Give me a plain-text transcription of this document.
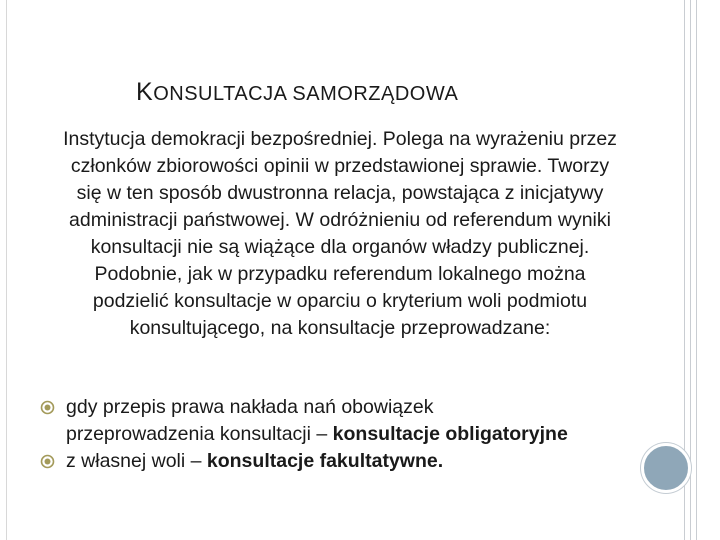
KONSULTACJA SAMORZĄDOWA

Instytucja demokracji bezpośredniej. Polega na wyrażeniu przez członków zbiorowości opinii w przedstawionej sprawie. Tworzy się w ten sposób dwustronna relacja, powstająca z inicjatywy administracji państwowej. W odróżnieniu od referendum wyniki konsultacji nie są wiążące dla organów władzy publicznej. Podobnie, jak w przypadku referendum lokalnego można podzielić konsultacje w oparciu o kryterium woli podmiotu konsultującego, na konsultacje przeprowadzane:

gdy przepis prawa nakłada nań obowiązek przeprowadzenia konsultacji – konsultacje obligatoryjne
z własnej woli – konsultacje fakultatywne.
